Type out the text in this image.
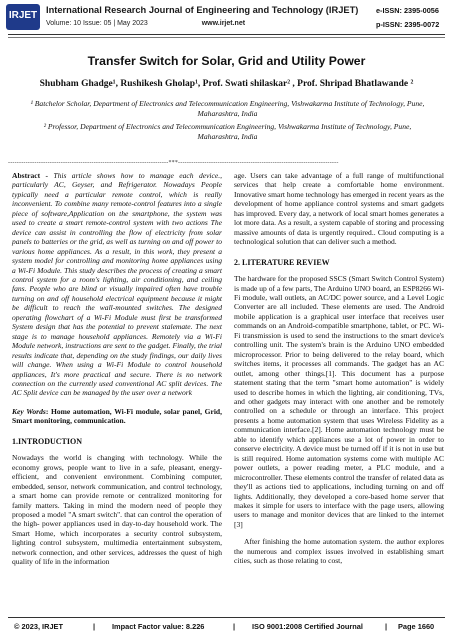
IRJET International Research Journal of Engineering and Technology (IRJET)
Volume: 10 Issue: 05 | May 2023	www.irjet.net
e-ISSN: 2395-0056
p-ISSN: 2395-0072
Transfer Switch for Solar, Grid and Utility Power
Shubham Ghadge¹, Rushikesh Gholap¹, Prof. Swati shilaskar² , Prof. Shripad Bhatlawande ²
¹ Batchelor Scholar, Department of Electronics and Telecommunication Engineering, Vishwakarma Institute of Technology, Pune, Maharashtra, India
² Professor, Department of Electronics and Telecommunication Engineering, Vishwakarma Institute of Technology, Pune, Maharashtra, India
-------------------------------------------------------------------------***-------------------------------------------------------------------------

Abstract - This article shows how to manage each device., particularly AC, Geyser, and Refrigerator. Nowadays People typically need a particular remote control, which is really inconvenient. To combine many remote-control features into a single piece of software,Application on the smartphone, the system was used to create a smart remote-control system with two actions The device can assist in controlling the flow of electricity from solar panels to batteries or the grid, as well as turning on and off power to various home appliances. As a result, in this work, they present a system model for controlling and monitoring home appliances using a Wi-Fi Module. This study describes the process of creating a smart control system for a room's lighting, air conditioning, and ceiling fans. People who are blind or visually impaired often have trouble turning on and off household electrical equipment because it might be difficult to reach the wall-mounted switches. The designed operating flowchart of a Wi-Fi Module must first be transformed System design that has the potential to prevent stalemate. The next stage is to manage household appliances. Remotely via a Wi-Fi Module network, instructions are sent to the gadget. Finally, the trial results indicate that, depending on the study findings, our daily lives will change. When using a Wi-Fi Module to control household appliances, It's more practical and secure. There is no network connection on the currently used conventional AC split devices. The AC Split device can be managed by the user over a network

Key Words: Home automation, Wi-Fi module, solar panel, Grid, Smart monitoring, communication.

1.INTRODUCTION

Nowadays the world is changing with technology. While the economy grows, people want to live in a safe, pleasant, energy- efficient, and convenient environment. Combining computer, embedded, sensor, network communication, and control technology, a smart home can provide remote or centralized monitoring for family matters. Taking in mind the modern need of people they proposed a model "A smart switch". that can control the operation of the high- power appliances used in day-to-day household work. The Smart Home, which incorporates a security control subsystem, lighting control subsystem, multimedia entertainment subsystem, network connection, and other services, addresses the quest of high quality of life in the information

age. Users can take advantage of a full range of multifunctional services that help create a comfortable home environment. Innovative smart home technology has emerged in recent years as the development of home appliance control systems and smart gadgets has improved. Every day, a network of local smart homes generates a lot more data. As a result, a system capable of storing and processing massive amounts of data is urgently required.. Cloud computing is a technological solution that can deliver such a method.

2. LITERATURE REVIEW

The hardware for the proposed SSCS (Smart Switch Control System) is made up of a few parts, The Arduino UNO board, an ESP8266 Wi-Fi module, wall outlets, an AC/DC power source, and a Level Logic Converter are all included. These elements are used. The Android mobile application is a graphical user interface that receives user commands on an Android-compatible smartphone, tablet, or PC. Wi-Fi transmission is used to send the instructions to the smart device's controlling unit. The system's brain is the Arduino UNO embedded microprocessor. Prior to being delivered to the relay board, which switches items, it processes all commands. The gadget has an AC outlet, among other things.[1]. This document has a purpose statement stating that the term "smart home automation" is widely used to describe homes in which the lighting, air conditioning, TVs, and other gadgets may interact with one another and be remotely controlled on a schedule or through an interface. This project presents a home automation system that uses Wireless Fidelity as a communication interface.[2]. Home automation technology must be able to identify which appliances use a lot of power in order to conserve electricity. A device must be turned off if it is not in use but is still required. Home automation systems come with multiple AC power outlets, a power reading meter, a PLC module, and a microcontroller. These elements control the transfer of related data as they'll as actions tied to applications, including turning on and off lights. Additionally, they developed a core-based home server that makes it simple for users to interface with the page users, allowing users to manage and monitor devices that are linked to the internet [3]

After finishing the home automation system. the author explores the numerous and complex issues involved in establishing smart cities, such as those relating to cost,

© 2023, IRJET	| Impact Factor value: 8.226	| ISO 9001:2008 Certified Journal	| Page 1660
